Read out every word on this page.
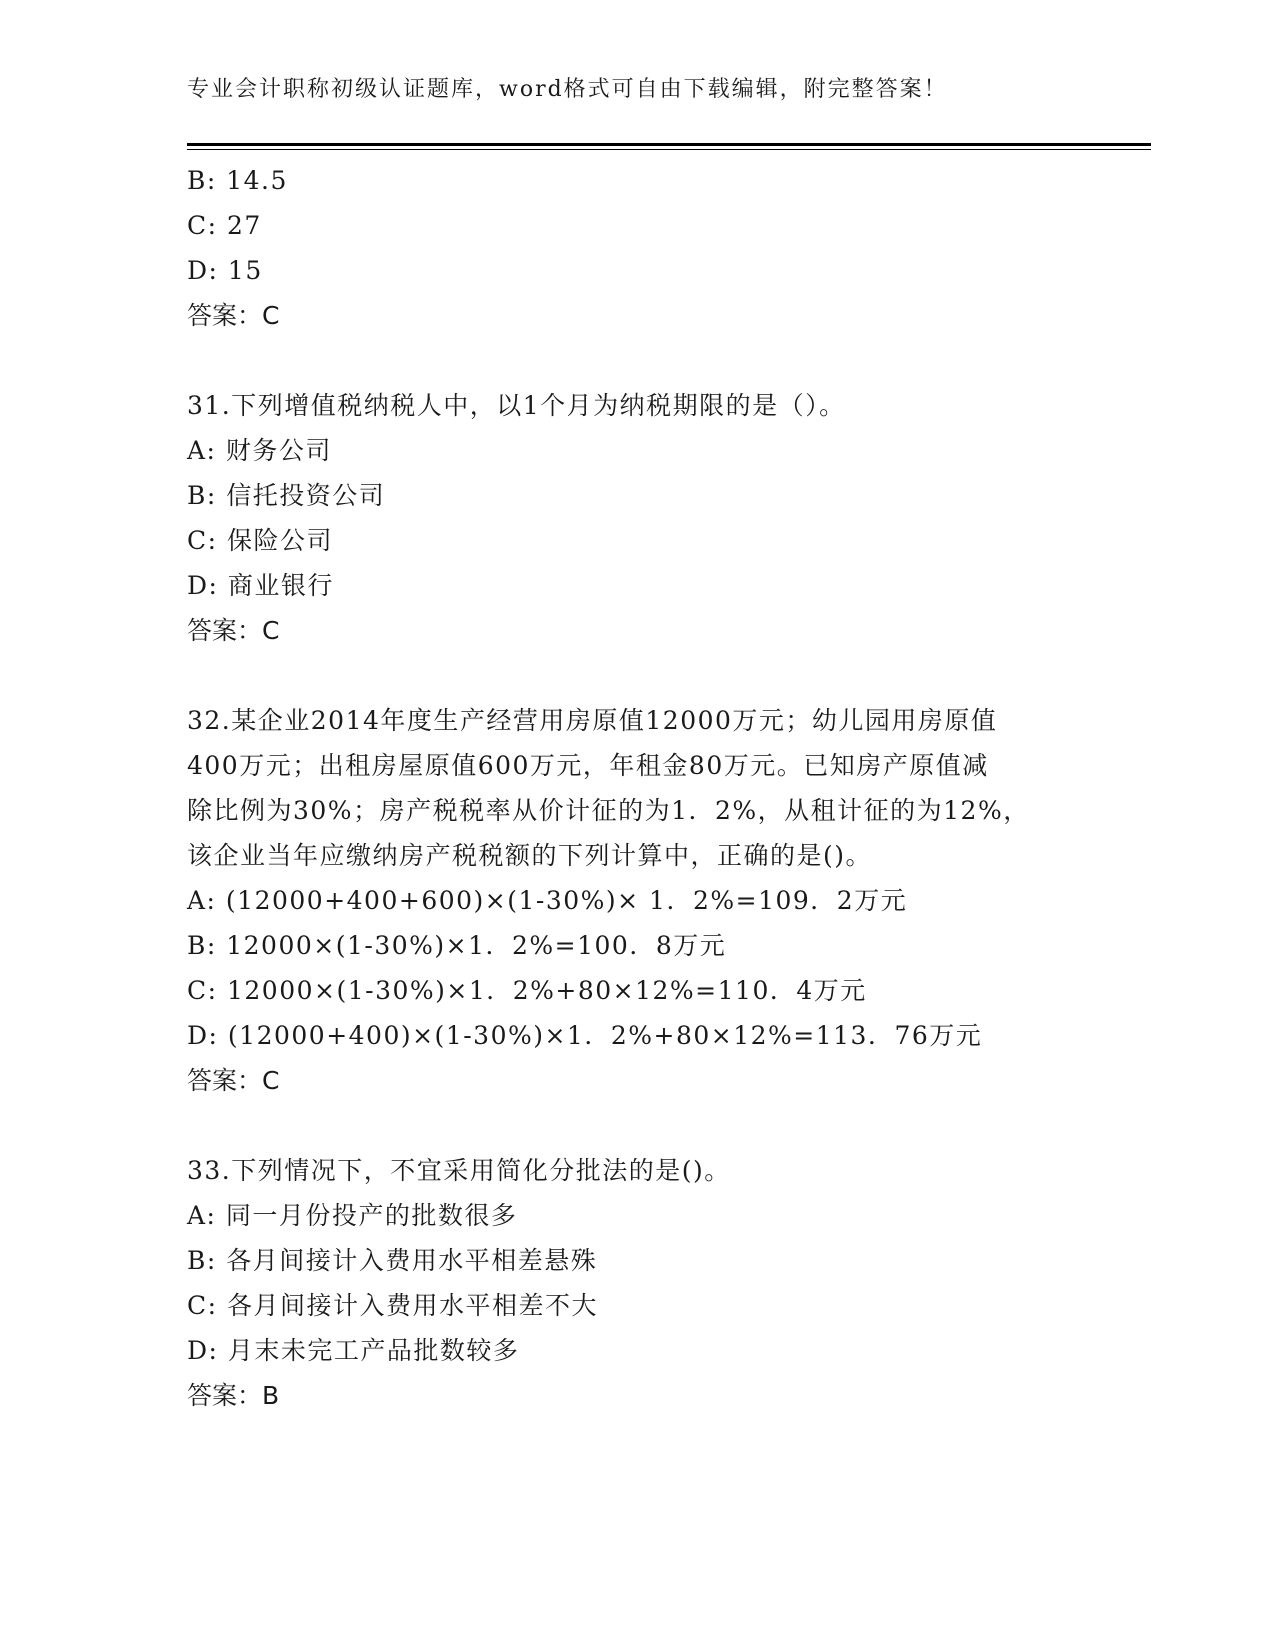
专业会计职称初级认证题库，word格式可自由下载编辑，附完整答案！
B: 14.5
C: 27
D: 15
答案：C
31.下列增值税纳税人中，以1个月为纳税期限的是（）。
A: 财务公司
B: 信托投资公司
C: 保险公司
D: 商业银行
答案：C
32.某企业2014年度生产经营用房原值12000万元；幼儿园用房原值
400万元；出租房屋原值600万元，年租金80万元。已知房产原值减
除比例为30%；房产税税率从价计征的为1．2%，从租计征的为12%，
该企业当年应缴纳房产税税额的下列计算中，正确的是()。
A: (12000+400+600)×(1-30%)× 1．2%=109．2万元
B: 12000×(1-30%)×1．2%=100．8万元
C: 12000×(1-30%)×1．2%+80×12%=110．4万元
D: (12000+400)×(1-30%)×1．2%+80×12%=113．76万元
答案：C
33.下列情况下，不宜采用简化分批法的是()。
A: 同一月份投产的批数很多
B: 各月间接计入费用水平相差悬殊
C: 各月间接计入费用水平相差不大
D: 月末未完工产品批数较多
答案：B
